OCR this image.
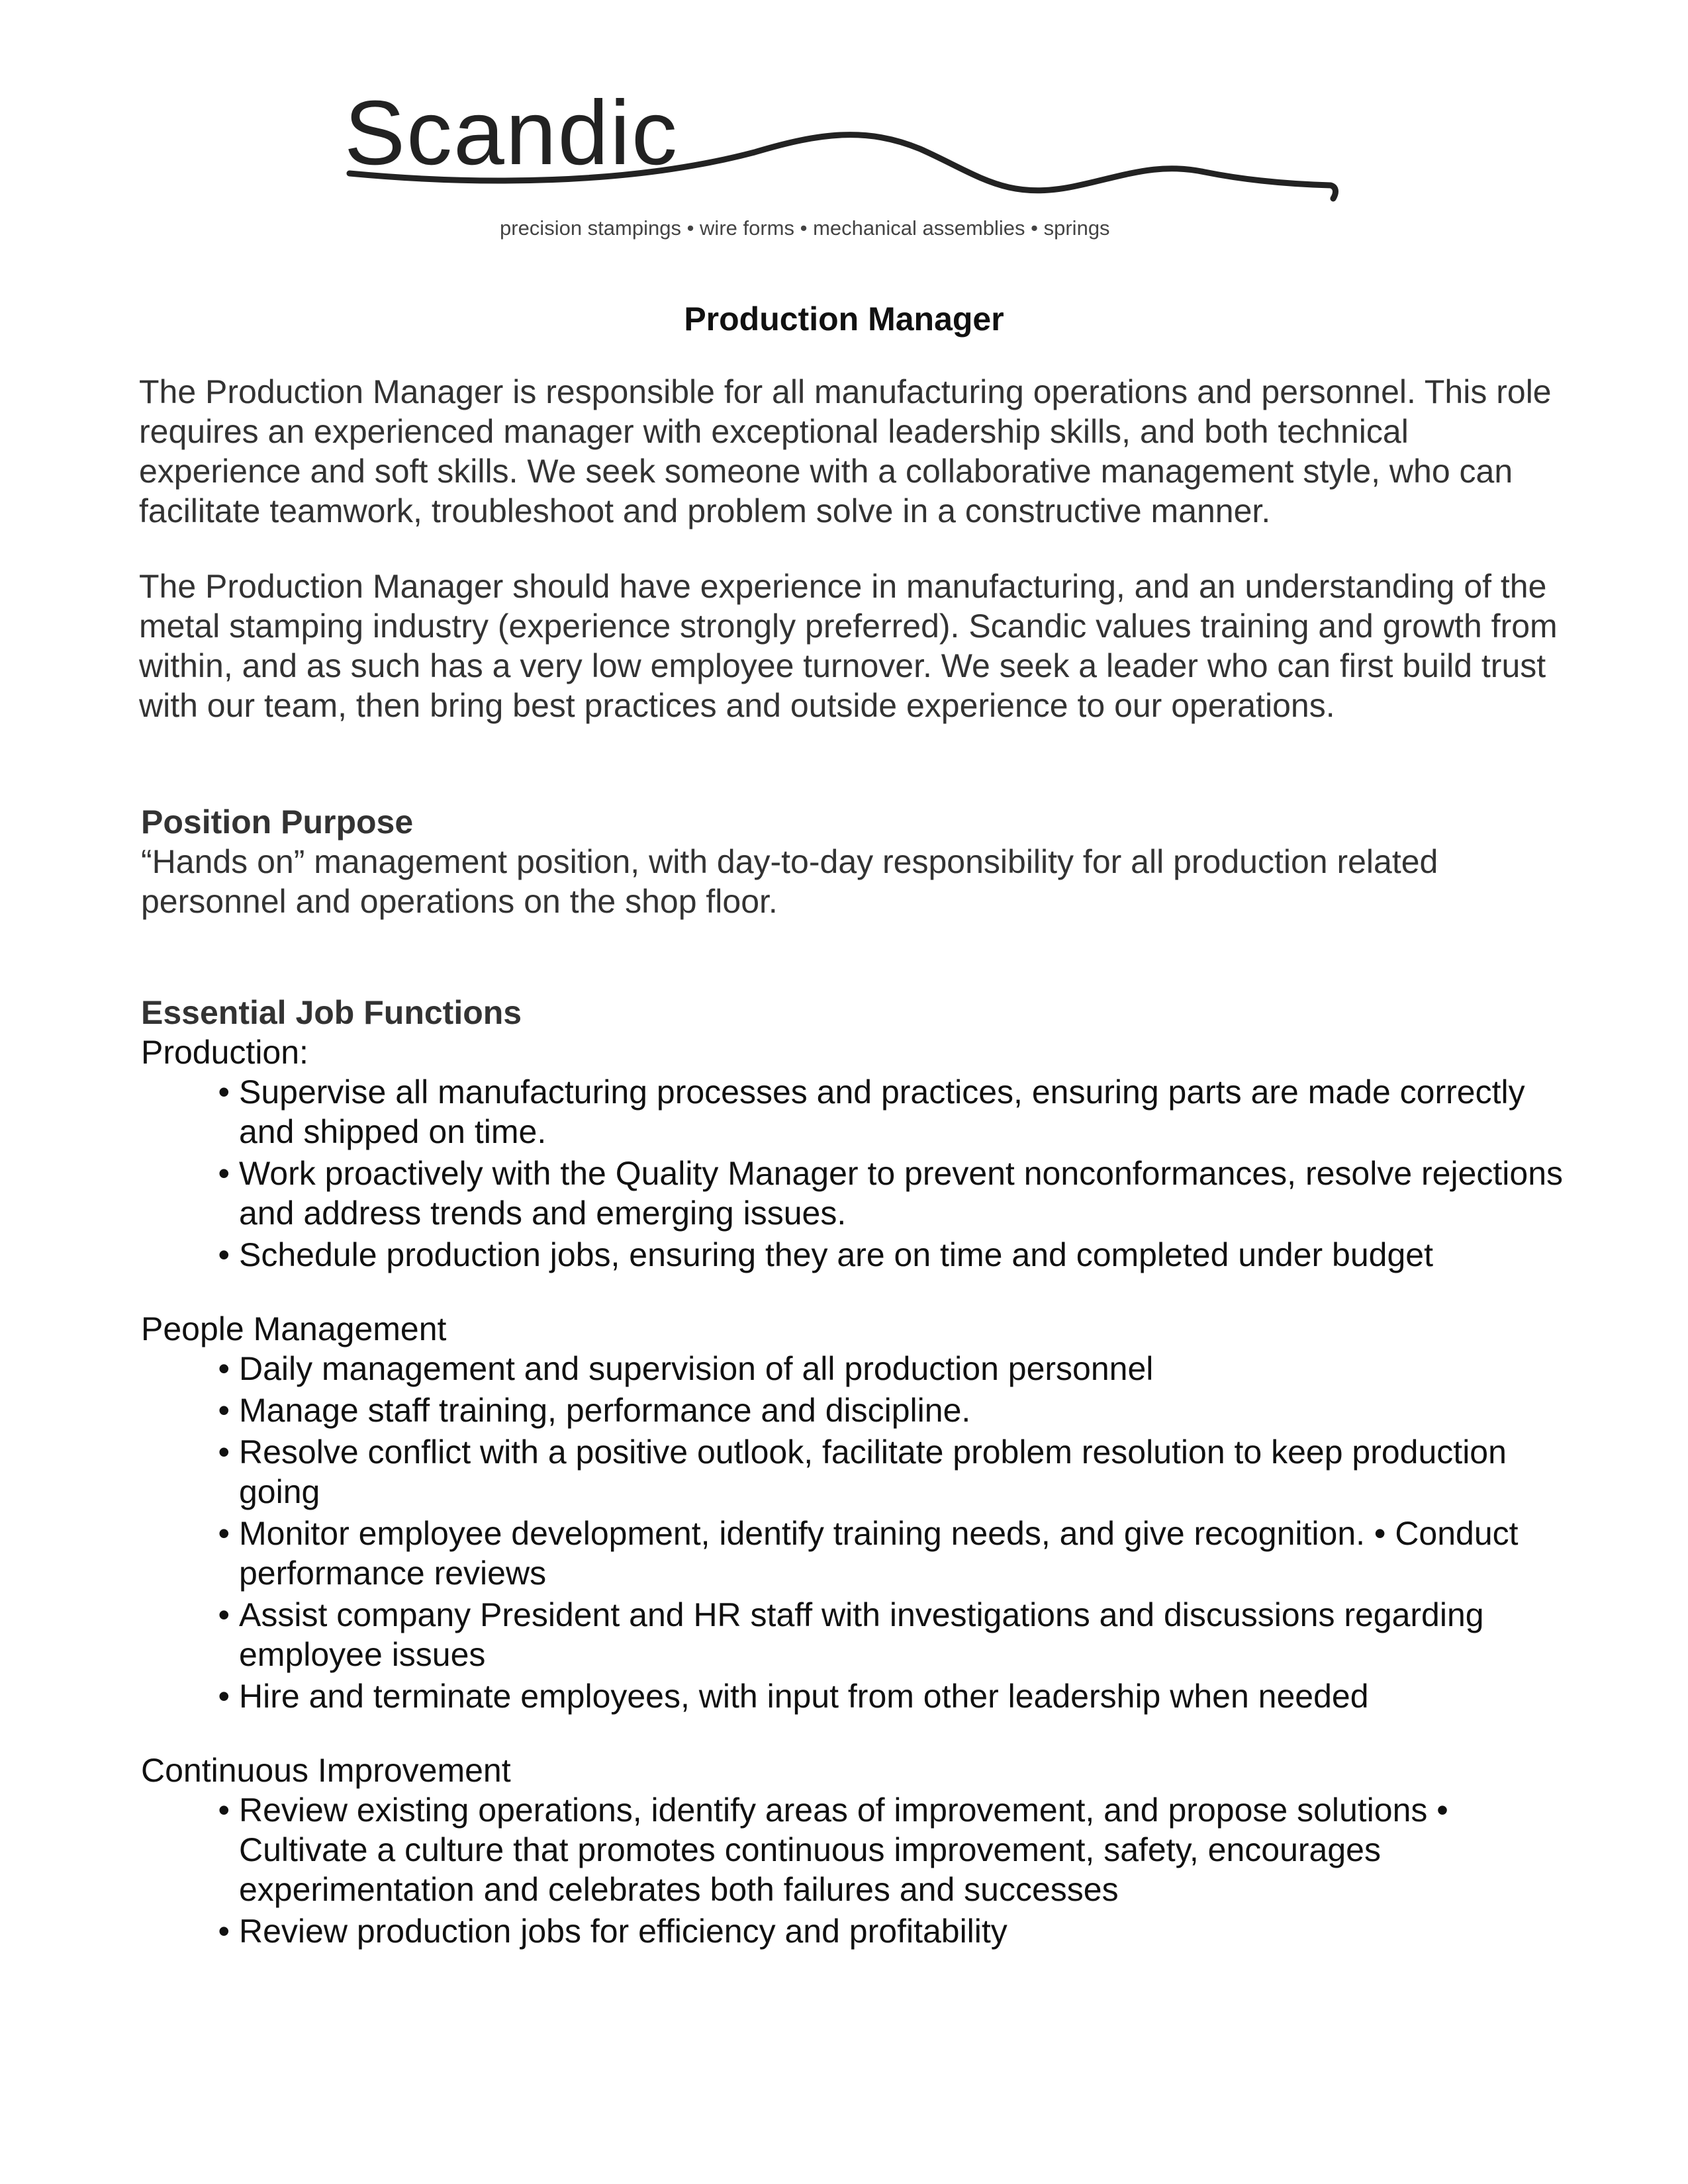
Scandic
precision stampings • wire forms • mechanical assemblies • springs
Production Manager

The Production Manager is responsible for all manufacturing operations and personnel. This role requires an experienced manager with exceptional leadership skills, and both technical experience and soft skills. We seek someone with a collaborative management style, who can facilitate teamwork, troubleshoot and problem solve in a constructive manner.

The Production Manager should have experience in manufacturing, and an understanding of the metal stamping industry (experience strongly preferred). Scandic values training and growth from within, and as such has a very low employee turnover. We seek a leader who can first build trust with our team, then bring best practices and outside experience to our operations.

Position Purpose

“Hands on” management position, with day-to-day responsibility for all production related personnel and operations on the shop floor.

Essential Job Functions

Production:

• Supervise all manufacturing processes and practices, ensuring parts are made correctly and shipped on time.
• Work proactively with the Quality Manager to prevent nonconformances, resolve rejections and address trends and emerging issues.
• Schedule production jobs, ensuring they are on time and completed under budget

People Management

• Daily management and supervision of all production personnel
• Manage staff training, performance and discipline.
• Resolve conflict with a positive outlook, facilitate problem resolution to keep production going
• Monitor employee development, identify training needs, and give recognition. • Conduct performance reviews
• Assist company President and HR staff with investigations and discussions regarding employee issues
• Hire and terminate employees, with input from other leadership when needed

Continuous Improvement

• Review existing operations, identify areas of improvement, and propose solutions • Cultivate a culture that promotes continuous improvement, safety, encourages experimentation and celebrates both failures and successes
• Review production jobs for efficiency and profitability
